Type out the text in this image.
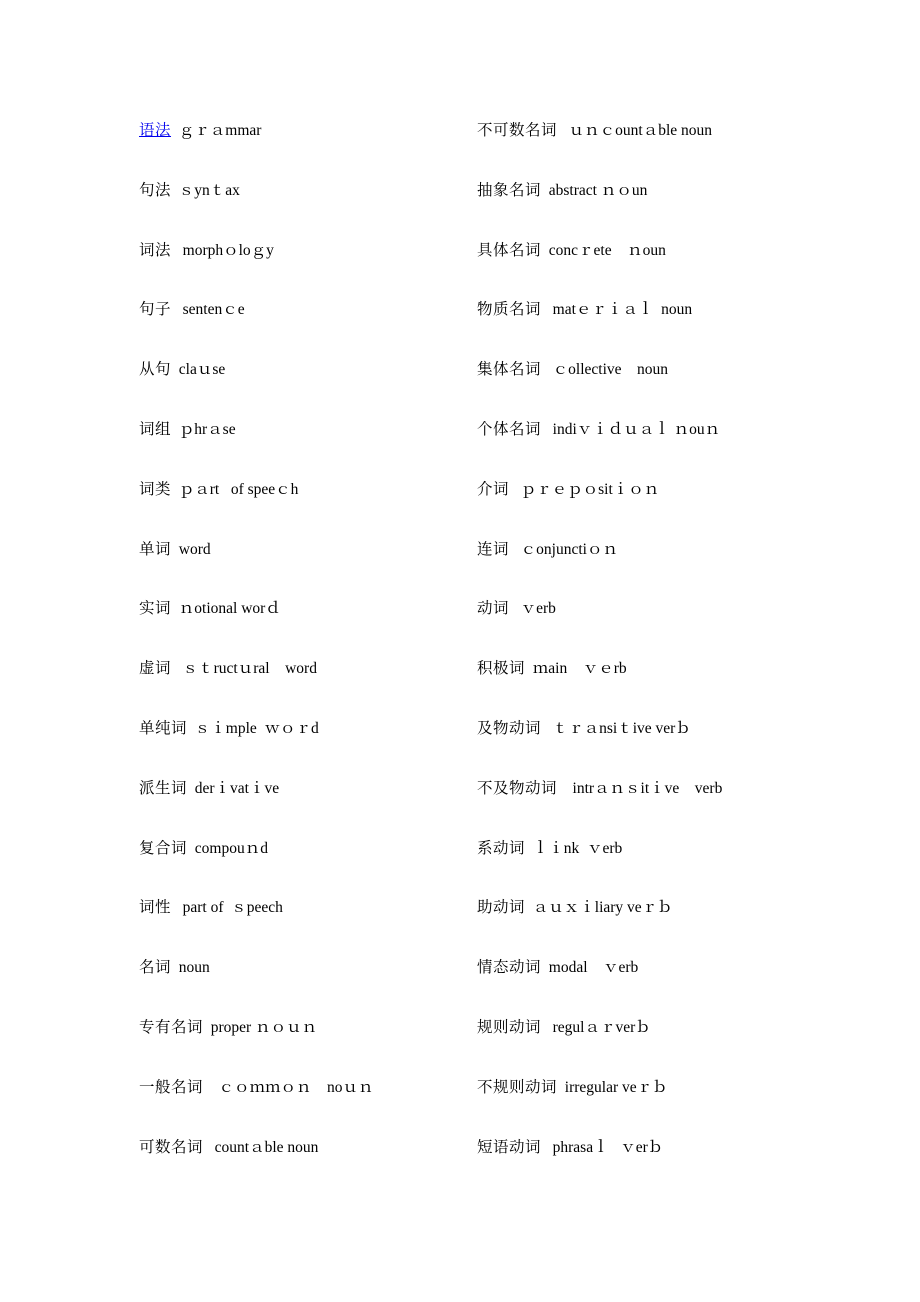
语法  ｇｒａmmar
句法  ｓynｔax
词法   morphｏloｇy
句子   sentenｃe
从句  claｕse
词组  ｐhrａse
词类  ｐａrt   of speeｃh
单词  word
实词  ｎotional worｄ
虚词   ｓｔructｕral    word
单纯词  ｓｉmple  ｗｏｒd
派生词  derｉvatｉve
复合词  compouｎd
词性   part of  ｓpeech
名词  noun
专有名词  proper ｎｏｕｎ
一般名词    ｃｏｍｍｏｎ    noｕｎ
可数名词   countａble noun
不可数名词   ｕｎｃountａble noun
抽象名词  abstract ｎｏun
具体名词  concｒete    ｎoun
物质名词   matｅｒｉａｌ  noun
集体名词   ｃollective    noun
个体名词   indiｖｉｄｕａｌ ｎouｎ
介词   ｐｒｅｐｏsitｉｏｎ
连词   ｃonjunctiｏｎ
动词   ｖerb
积极词  ｍain    ｖｅrb
及物动词   ｔｒａnsiｔive verｂ
不及物动词    intrａｎｓitｉve    verb
系动词  ｌｉnk  ｖerb
助动词  ａｕｘｉliary veｒｂ
情态动词  modal    ｖerb
规则动词   regulａｒverｂ
不规则动词  irregular veｒｂ
短语动词   phrasaｌ   ｖerｂ
